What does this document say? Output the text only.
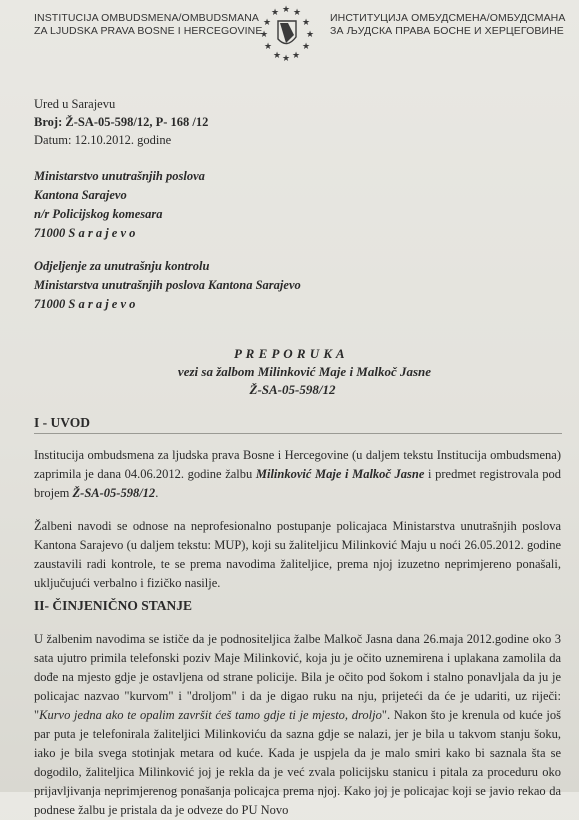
INSTITUCIJA OMBUDSMENA/OMBUDSMANA
ZA LJUDSKA PRAVA BOSNE I HERCEGOVINE
★ ★ ★
★	★
★	★
★	★
★ ★ ★
ИНСТИТУЦИЈА ОМБУДСМЕНА/ОМБУДСМАНА
ЗА ЉУДСКА ПРАВА БОСНЕ И ХЕРЦЕГОВИНЕ
Ured u Sarajevu
Broj: Ž-SA-05-598/12, P- 168 /12
Datum: 12.10.2012. godine
Ministarstvo unutrašnjih poslova
Kantona Sarajevo
n/r Policijskog komesara
71000 S a r a j e v o
Odjeljenje za unutrašnju kontrolu
Ministarstva unutrašnjih poslova Kantona Sarajevo
71000 S a r a j e v o
P R E P O R U K A
vezi sa žalbom Milinković Maje i Malkoč Jasne
Ž-SA-05-598/12
I - UVOD
Institucija ombudsmena za ljudska prava Bosne i Hercegovine (u daljem tekstu Institucija ombudsmena) zaprimila je dana 04.06.2012. godine žalbu Milinković Maje i Malkoč Jasne i predmet registrovala pod brojem Ž-SA-05-598/12.
Žalbeni navodi se odnose na neprofesionalno postupanje policajaca Ministarstva unutrašnjih poslova Kantona Sarajevo (u daljem tekstu: MUP), koji su žaliteljicu Milinković Maju u noći 26.05.2012. godine zaustavili radi kontrole, te se prema navodima žaliteljice, prema njoj izuzetno neprimjereno ponašali, uključujući verbalno i fizičko nasilje.
II- ČINJENIČNO STANJE
U žalbenim navodima se ističe da je podnositeljica žalbe Malkoč Jasna dana 26.maja 2012.godine oko 3 sata ujutro primila telefonski poziv Maje Milinković, koja ju je očito uznemirena i uplakana zamolila da dođe na mjesto gdje je ostavljena od strane policije. Bila je očito pod šokom i stalno ponavljala da ju je policajac nazvao "kurvom" i "droljom" i da je digao ruku na nju, prijeteći da će je udariti, uz riječi: "Kurvo jedna ako te opalim završit ćeš tamo gdje ti je mjesto, droljo". Nakon što je krenula od kuće još par puta je telefonirala žaliteljici Milinkoviću da sazna gdje se nalazi, jer je bila u takvom stanju šoku, iako je bila svega stotinjak metara od kuće. Kada je uspjela da je malo smiri kako bi saznala šta se dogodilo, žaliteljica Milinković joj je rekla da je već zvala policijsku stanicu i pitala za proceduru oko prijavljivanja neprimjerenog ponašanja policajca prema njoj. Kako joj je policajac koji se javio rekao da podnese žalbu je pristala da je odveze do PU Novo
